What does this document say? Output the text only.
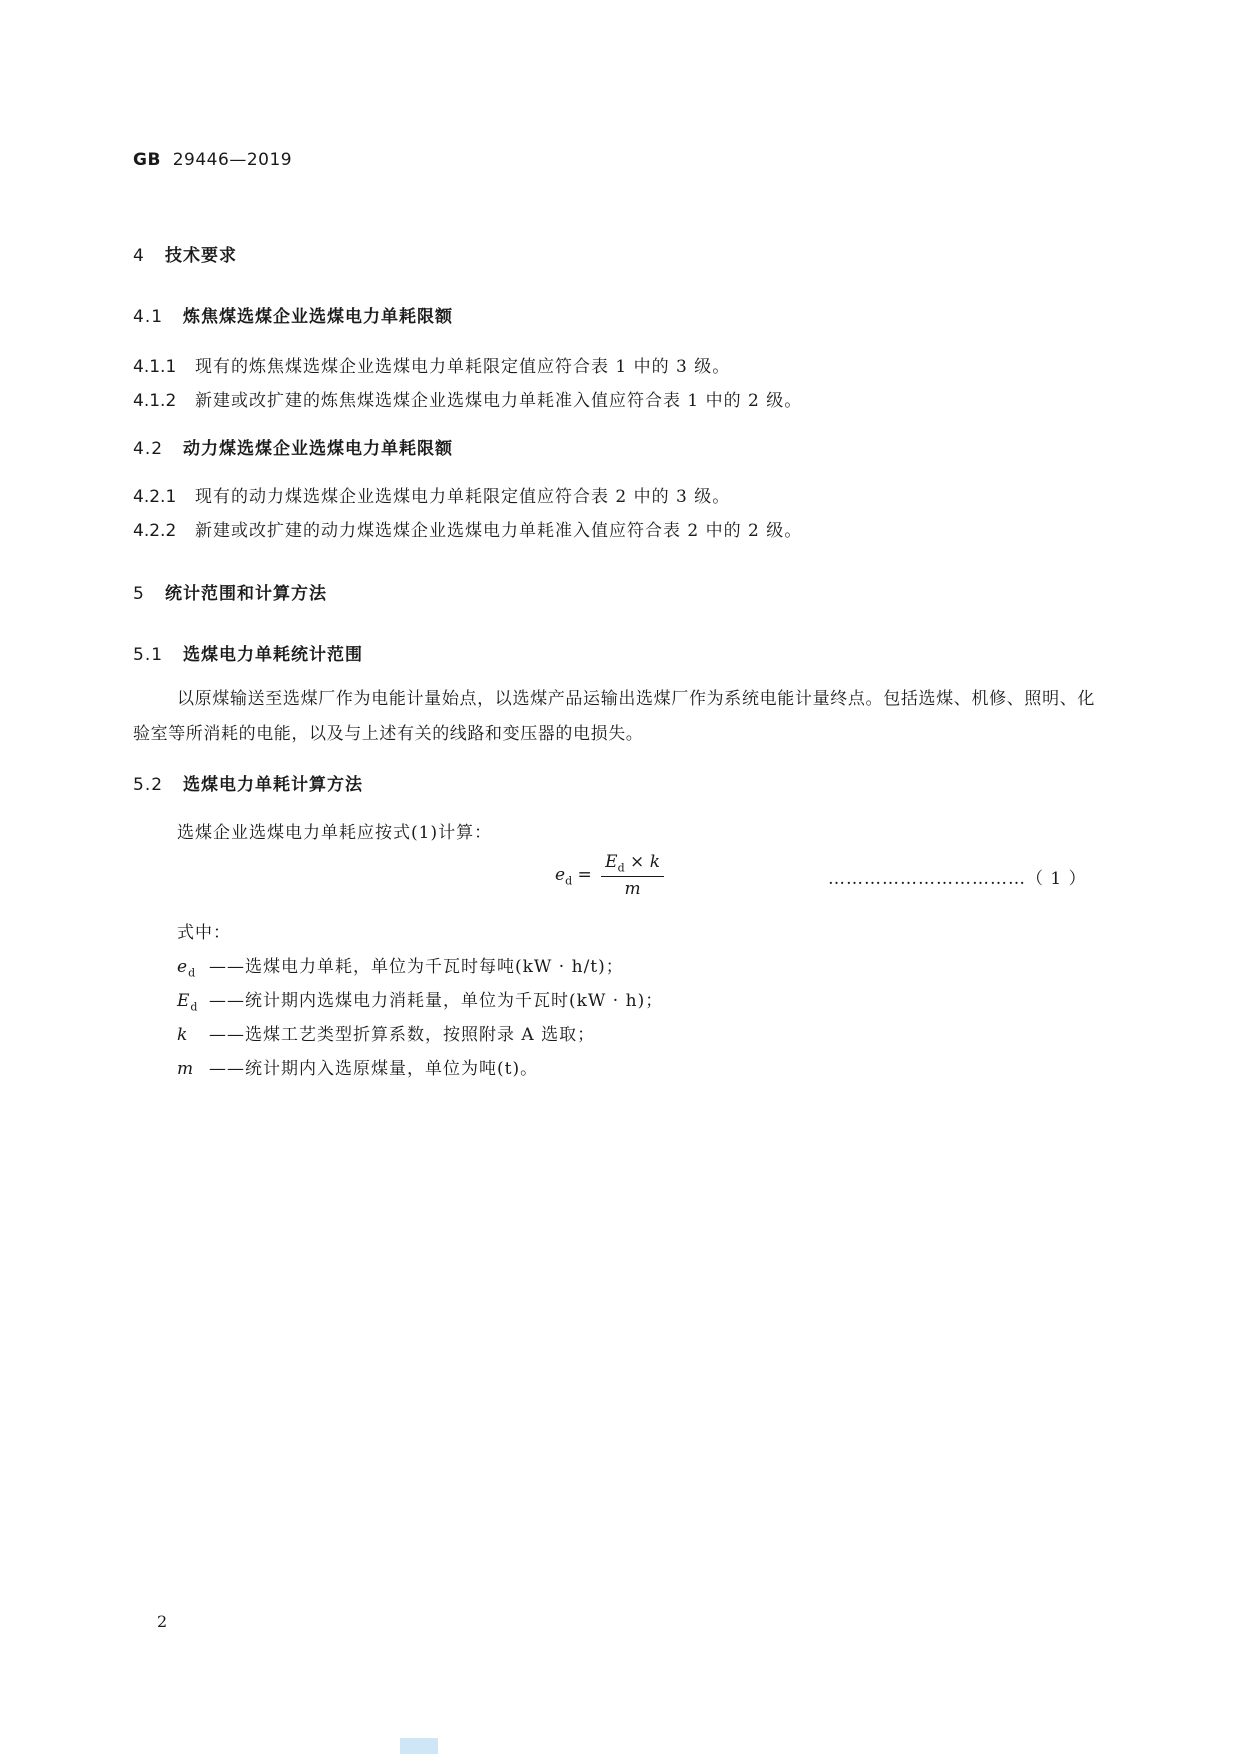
GB 29446—2019
4 技术要求
4.1 炼焦煤选煤企业选煤电力单耗限额
4.1.1 现有的炼焦煤选煤企业选煤电力单耗限定值应符合表 1 中的 3 级。
4.1.2 新建或改扩建的炼焦煤选煤企业选煤电力单耗准入值应符合表 1 中的 2 级。
4.2 动力煤选煤企业选煤电力单耗限额
4.2.1 现有的动力煤选煤企业选煤电力单耗限定值应符合表 2 中的 3 级。
4.2.2 新建或改扩建的动力煤选煤企业选煤电力单耗准入值应符合表 2 中的 2 级。
5 统计范围和计算方法
5.1 选煤电力单耗统计范围
以原煤输送至选煤厂作为电能计量始点，以选煤产品运输出选煤厂作为系统电能计量终点。包括选煤、机修、照明、化验室等所消耗的电能，以及与上述有关的线路和变压器的电损失。
5.2 选煤电力单耗计算方法
选煤企业选煤电力单耗应按式(1)计算：
$e_d = \frac{E_d \times k}{m}$	……………………………（ 1 ）
式中：
$e_d$ ——选煤电力单耗，单位为千瓦时每吨(kW · h/t)；
$E_d$ ——统计期内选煤电力消耗量，单位为千瓦时(kW · h)；
k ——选煤工艺类型折算系数，按照附录 A 选取；
m ——统计期内入选原煤量，单位为吨(t)。
2
